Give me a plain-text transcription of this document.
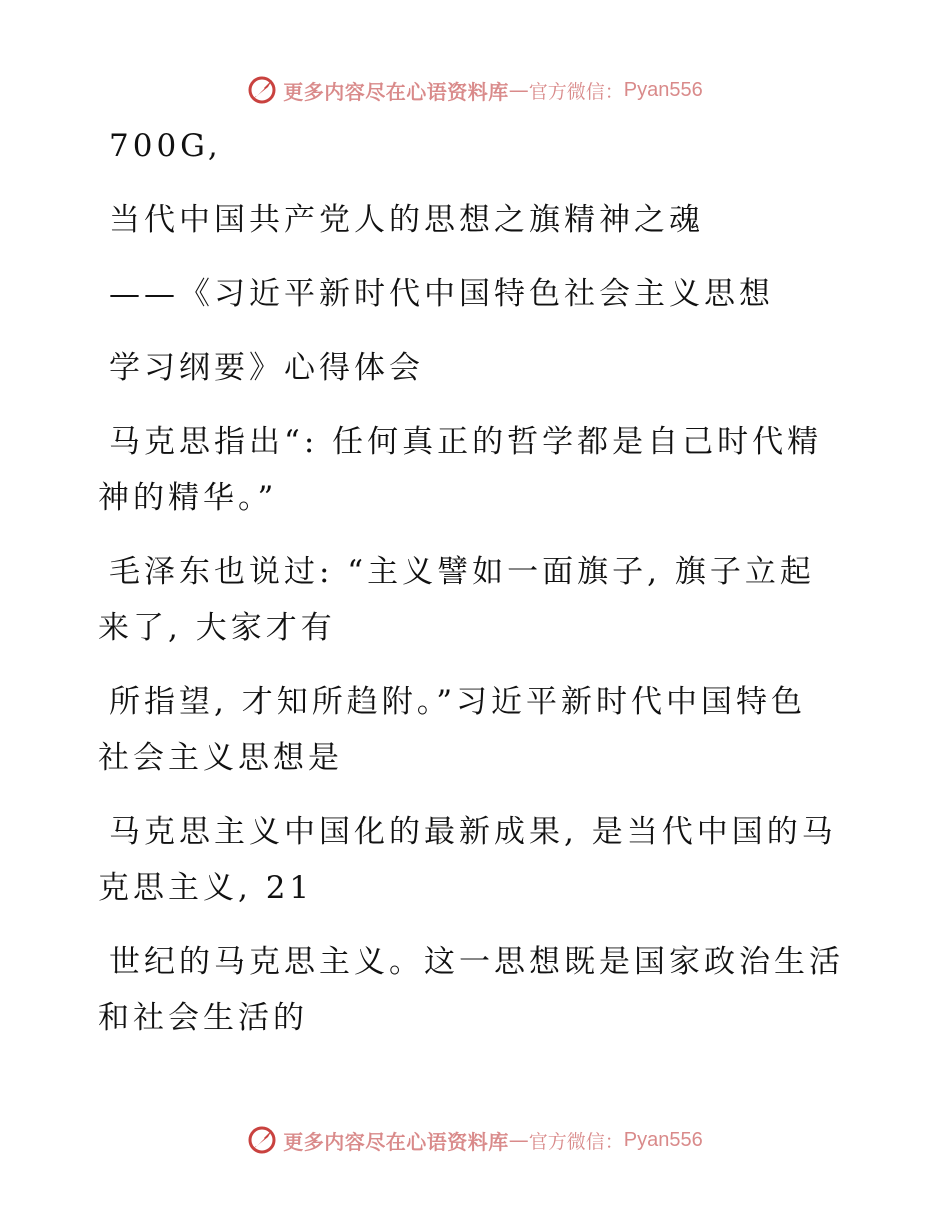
更多内容尽在心语资料库 — 官方微信： Pyan556
700G,
当代中国共产党人的思想之旗精神之魂
——《习近平新时代中国特色社会主义思想
学习纲要》心得体会
马克思指出“: 任何真正的哲学都是自己时代精
神的精华。”
毛泽东也说过: “主义譬如一面旗子, 旗子立起
来了, 大家才有
所指望, 才知所趋附。”习近平新时代中国特色
社会主义思想是
马克思主义中国化的最新成果, 是当代中国的马
克思主义, 21
世纪的马克思主义。这一思想既是国家政治生活
和社会生活的
更多内容尽在心语资料库 — 官方微信： Pyan556
